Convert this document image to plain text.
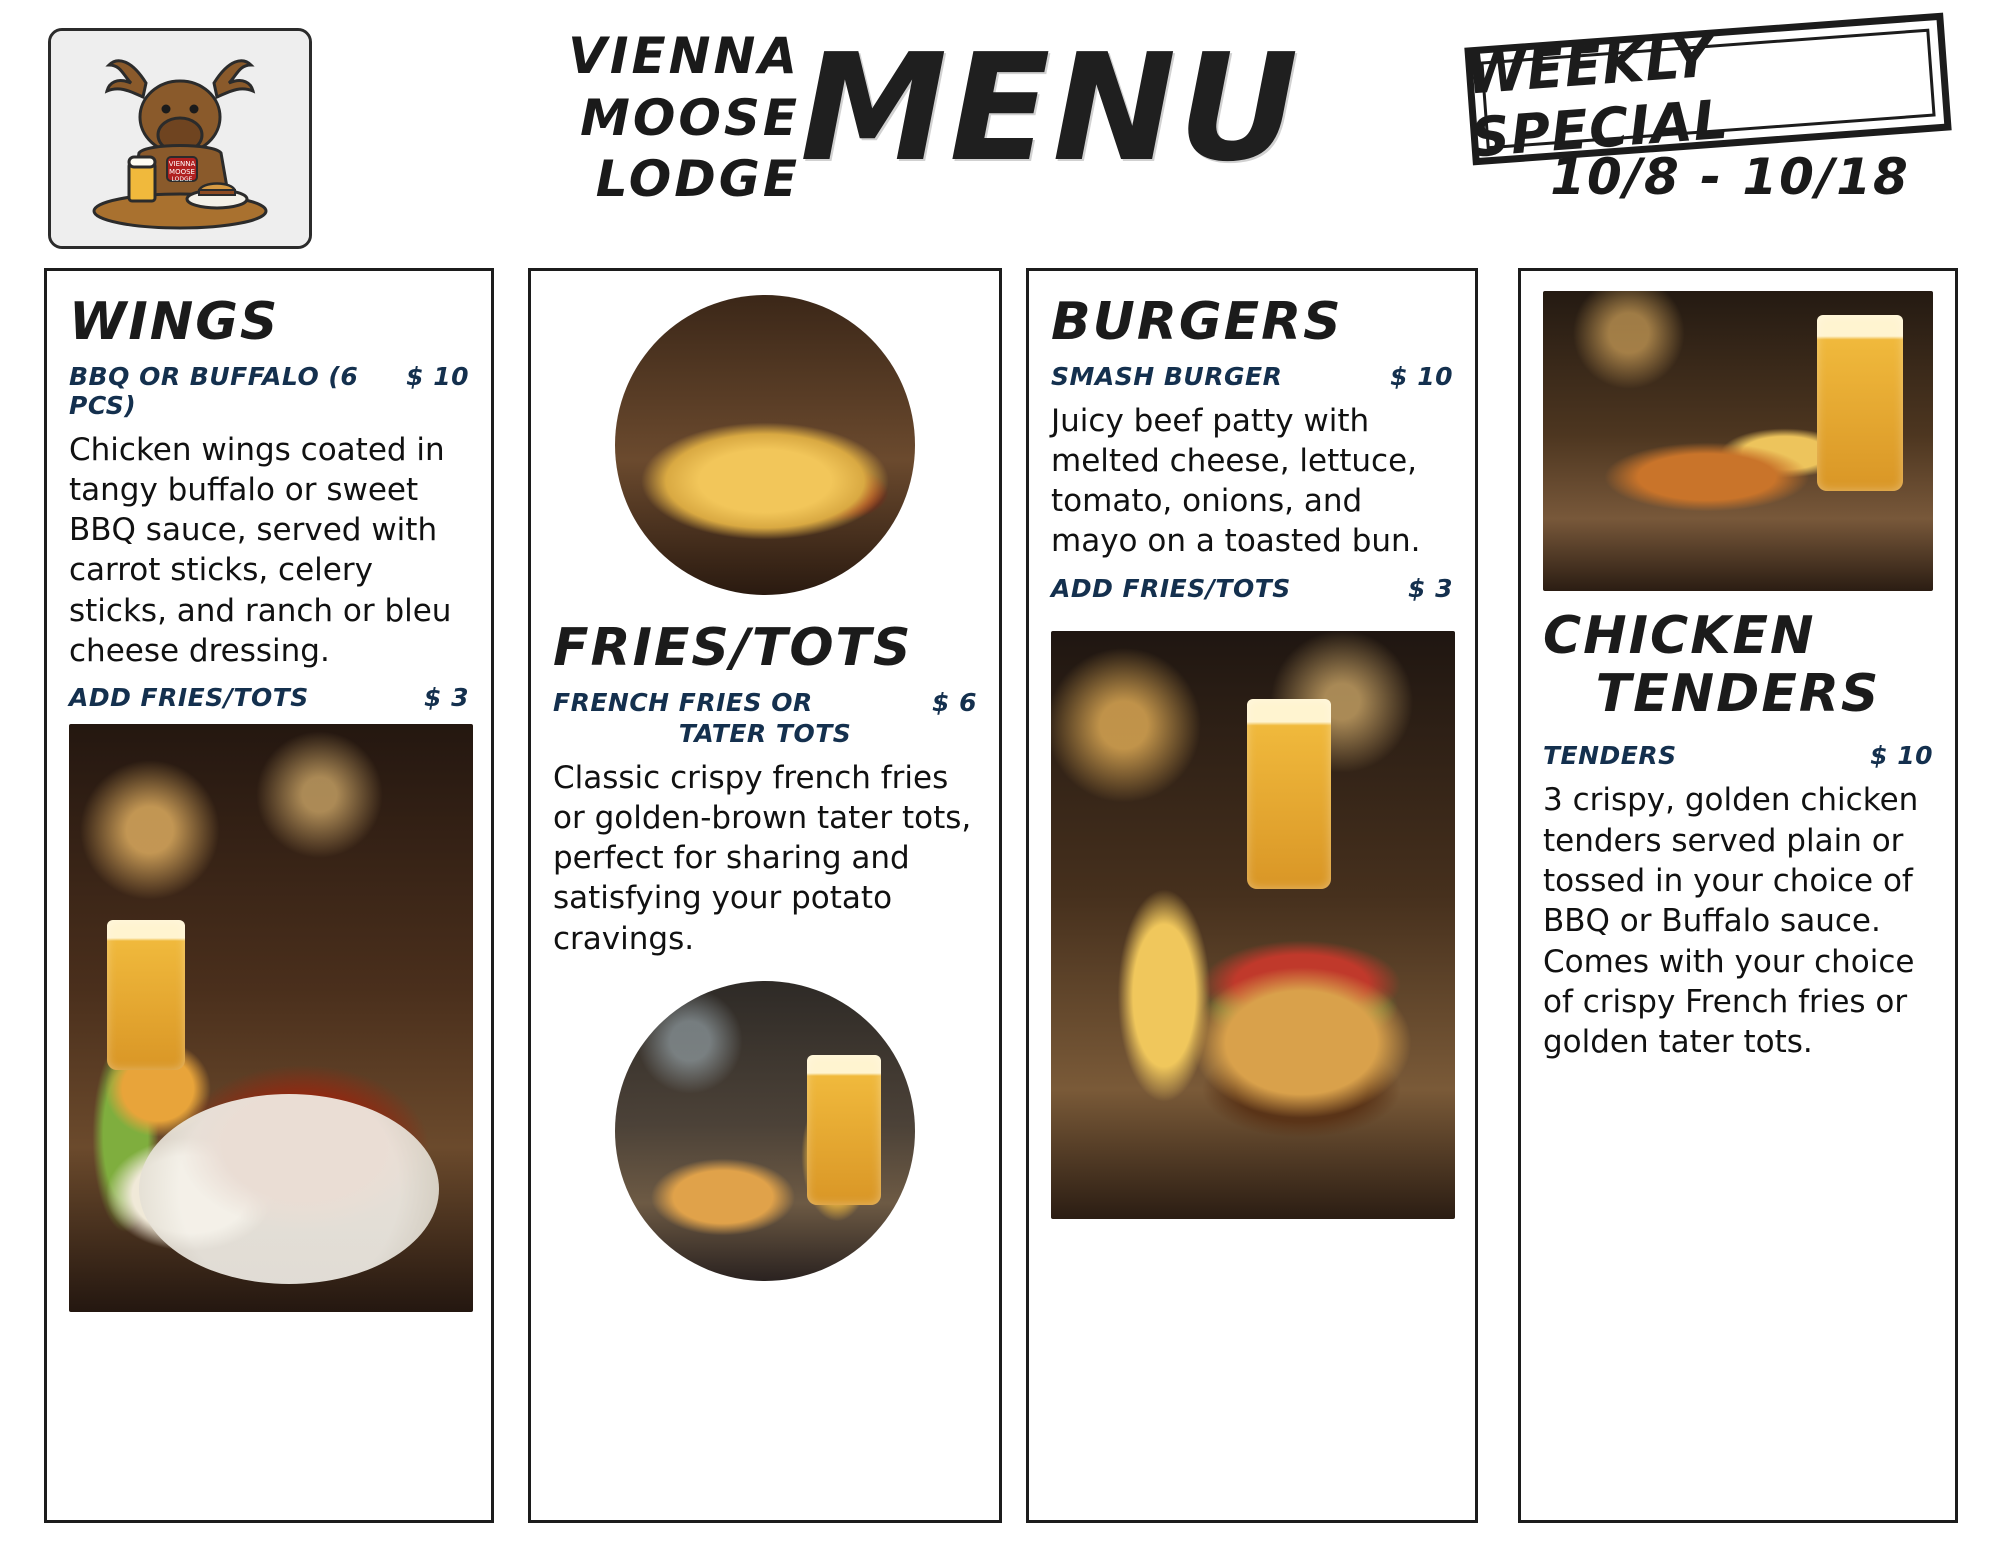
VIENNA
MOOSE
LODGE
VIENNA
MOOSE
LODGE MENU	WEEKLY SPECIAL
10/8 - 10/18
WINGS
BBQ OR BUFFALO (6 PCS)
$ 10
Chicken wings coated in tangy buffalo or sweet BBQ sauce, served with carrot sticks, celery sticks, and ranch or bleu cheese dressing.
ADD FRIES/TOTS	$ 3
FRIES/TOTS
FRENCH FRIES OR	$ 6
TATER TOTS
Classic crispy french fries or golden-brown tater tots, perfect for sharing and satisfying your potato cravings.
BURGERS
SMASH BURGER	$ 10
Juicy beef patty with melted cheese, lettuce, tomato, onions, and mayo on a toasted bun.
ADD FRIES/TOTS	$ 3
CHICKEN
TENDERS
TENDERS	$ 10
3 crispy, golden chicken tenders served plain or tossed in your choice of BBQ or Buffalo sauce. Comes with your choice of crispy French fries or golden tater tots.
